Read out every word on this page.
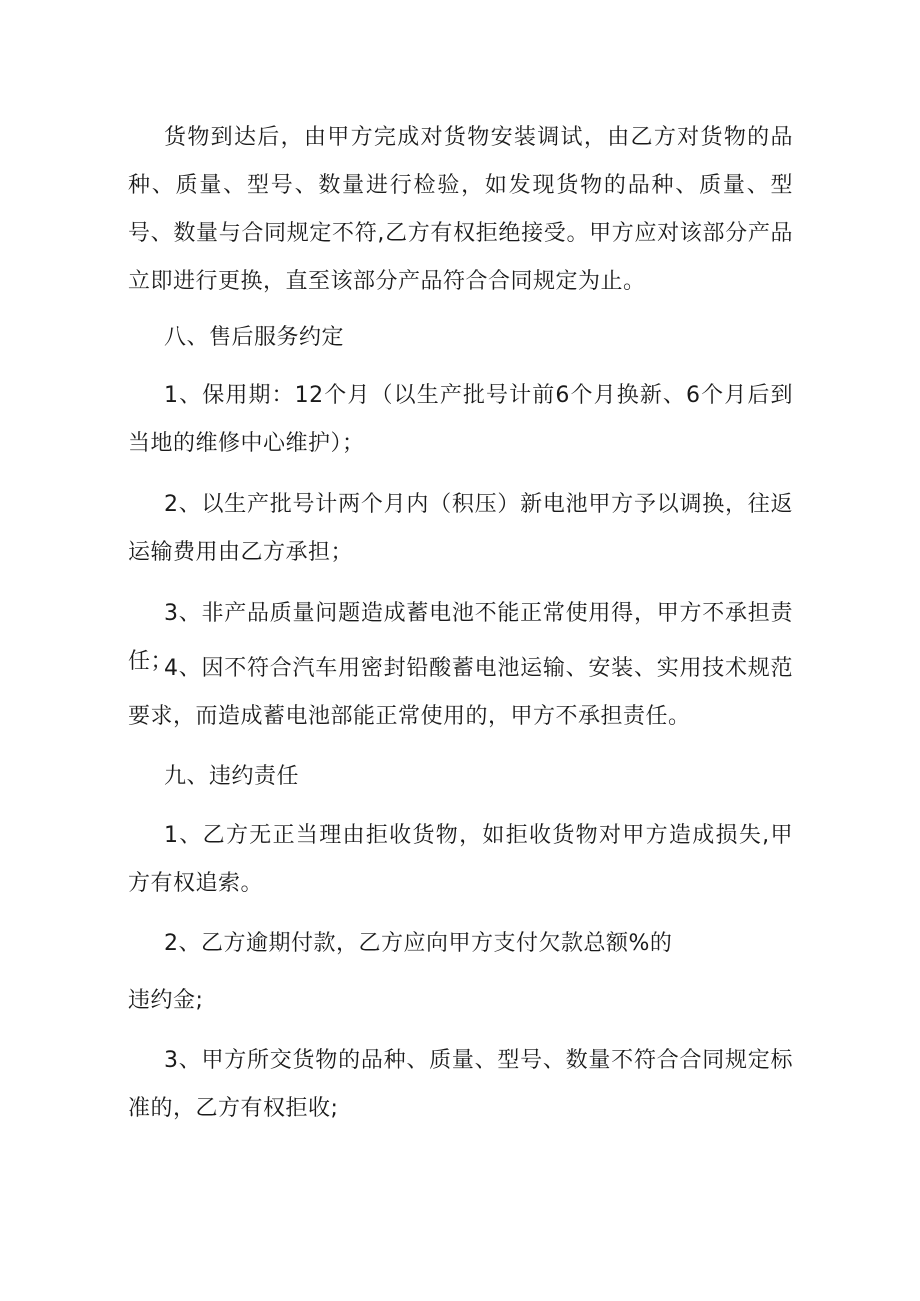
货物到达后，由甲方完成对货物安装调试，由乙方对货物的品种、质量、型号、数量进行检验，如发现货物的品种、质量、型号、数量与合同规定不符,乙方有权拒绝接受。甲方应对该部分产品立即进行更换，直至该部分产品符合合同规定为止。

八、售后服务约定

1、保用期：12个月（以生产批号计前6个月换新、6个月后到当地的维修中心维护）；

2、以生产批号计两个月内（积压）新电池甲方予以调换，往返运输费用由乙方承担；

3、非产品质量问题造成蓄电池不能正常使用得，甲方不承担责任；

4、因不符合汽车用密封铅酸蓄电池运输、安装、实用技术规范要求，而造成蓄电池部能正常使用的，甲方不承担责任。

九、违约责任

1、乙方无正当理由拒收货物，如拒收货物对甲方造成损失,甲方有权追索。

2、乙方逾期付款，乙方应向甲方支付欠款总额%的

违约金;

3、甲方所交货物的品种、质量、型号、数量不符合合同规定标准的，乙方有权拒收;
